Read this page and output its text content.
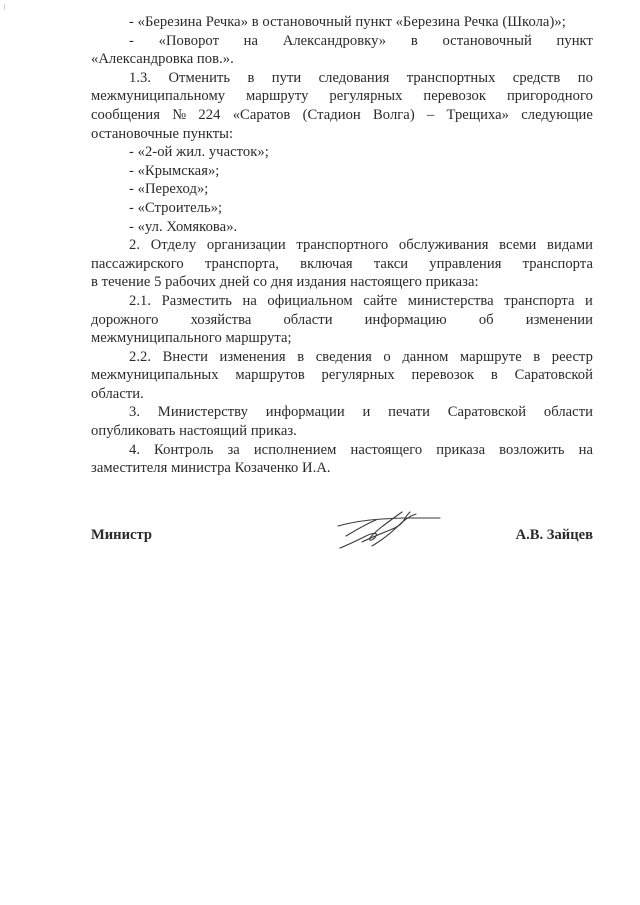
- «Березина Речка» в остановочный пункт «Березина Речка (Школа)»;
- «Поворот на Александровку» в остановочный пункт
«Александровка пов.».
1.3. Отменить в пути следования транспортных средств по
межмуниципальному маршруту регулярных перевозок пригородного
сообщения № 224 «Саратов (Стадион Волга) – Трещиха» следующие
остановочные пункты:
- «2-ой жил. участок»;
- «Крымская»;
- «Переход»;
- «Строитель»;
- «ул. Хомякова».
2. Отделу организации транспортного обслуживания всеми видами
пассажирского транспорта, включая такси управления транспорта
в течение 5 рабочих дней со дня издания настоящего приказа:
2.1. Разместить на официальном сайте министерства транспорта и
дорожного хозяйства области информацию об изменении
межмуниципального маршрута;
2.2. Внести изменения в сведения о данном маршруте в реестр
межмуниципальных маршрутов регулярных перевозок в Саратовской
области.
3. Министерству информации и печати Саратовской области
опубликовать настоящий приказ.
4. Контроль за исполнением настоящего приказа возложить на
заместителя министра Козаченко И.А.
Министр	А.В. Зайцев
